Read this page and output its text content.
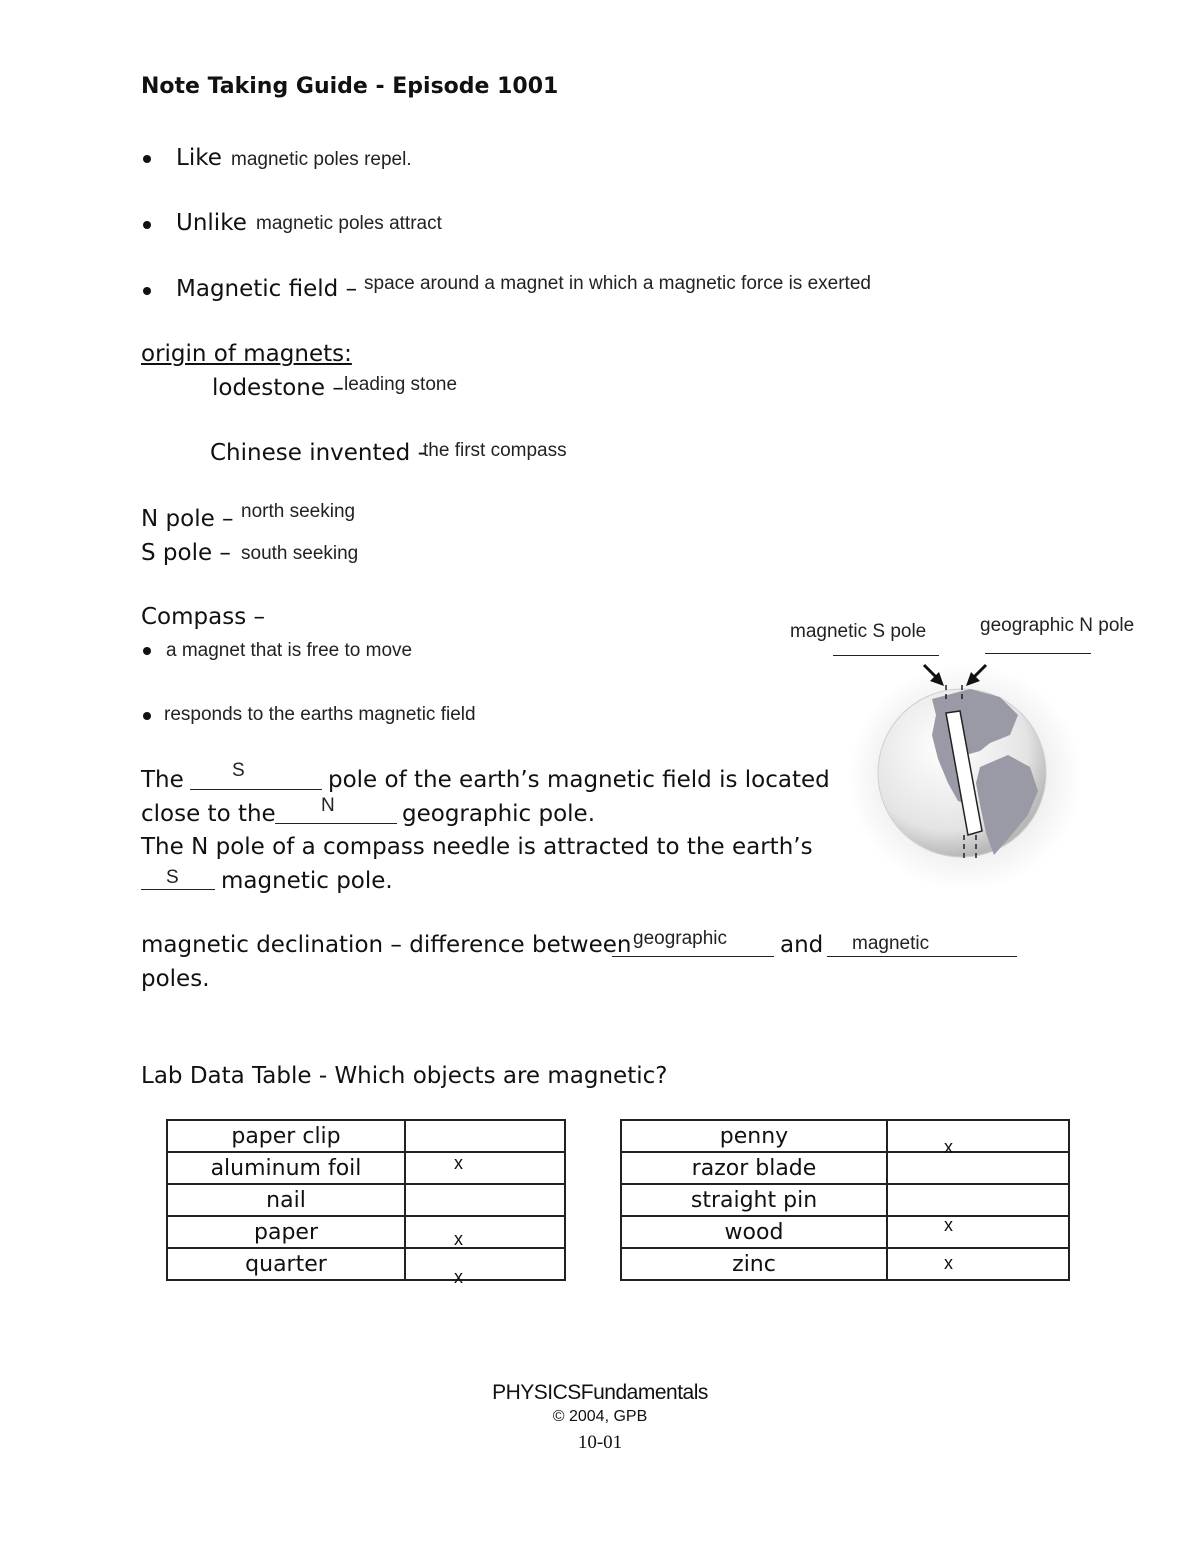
Note Taking Guide - Episode 1001
Like magnetic poles repel.
Unlike magnetic poles attract
Magnetic field – space around a magnet in which a magnetic force is exerted
origin of magnets:
lodestone – leading stone
Chinese invented -
the first compass
N pole – north seeking
S pole – south seeking
Compass –
a magnet that is free to move
responds to the earths magnetic field
magnetic S pole	geographic N pole
The	S	pole of the earth’s magnetic field is located
close to the N	geographic pole.
The N pole of a compass needle is attracted to the earth’s
S magnetic pole.
magnetic declination – difference between geographic and magnetic
poles.
Lab Data Table - Which objects are magnetic?
paper clip	

aluminum foil	x

nail	

paper	x

quarter	x
penny	x

razor blade	

straight pin	

wood	x

zinc	x
PHYSICSFundamentals
© 2004, GPB
10-01
